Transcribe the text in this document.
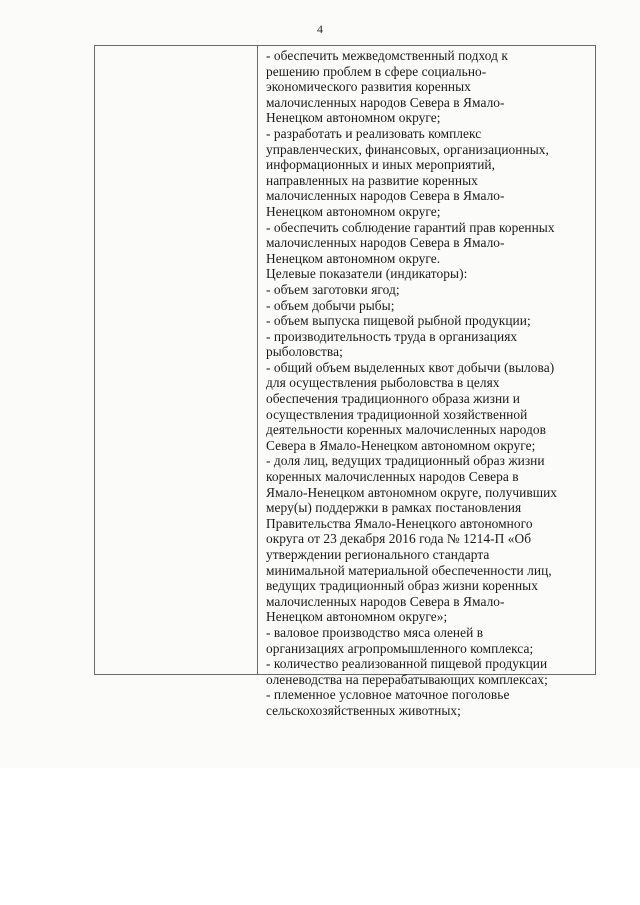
4
- обеспечить межведомственный подход к
решению проблем в сфере социально-
экономического развития коренных
малочисленных народов Севера в Ямало-
Ненецком автономном округе;
- разработать и реализовать комплекс
управленческих, финансовых, организационных,
информационных и иных мероприятий,
направленных на развитие коренных
малочисленных народов Севера в Ямало-
Ненецком автономном округе;
- обеспечить соблюдение гарантий прав коренных
малочисленных народов Севера в Ямало-
Ненецком автономном округе.
Целевые показатели (индикаторы):
- объем заготовки ягод;
- объем добычи рыбы;
- объем выпуска пищевой рыбной продукции;
- производительность труда в организациях
рыболовства;
- общий объем выделенных квот добычи (вылова)
для осуществления рыболовства в целях
обеспечения традиционного образа жизни и
осуществления традиционной хозяйственной
деятельности коренных малочисленных народов
Севера в Ямало-Ненецком автономном округе;
- доля лиц, ведущих традиционный образ жизни
коренных малочисленных народов Севера в
Ямало-Ненецком автономном округе, получивших
меру(ы) поддержки в рамках постановления
Правительства Ямало-Ненецкого автономного
округа от 23 декабря 2016 года № 1214-П «Об
утверждении регионального стандарта
минимальной материальной обеспеченности лиц,
ведущих традиционный образ жизни коренных
малочисленных народов Севера в Ямало-
Ненецком автономном округе»;
- валовое производство мяса оленей в
организациях агропромышленного комплекса;
- количество реализованной пищевой продукции
оленеводства на перерабатывающих комплексах;
- племенное условное маточное поголовье
сельскохозяйственных животных;
